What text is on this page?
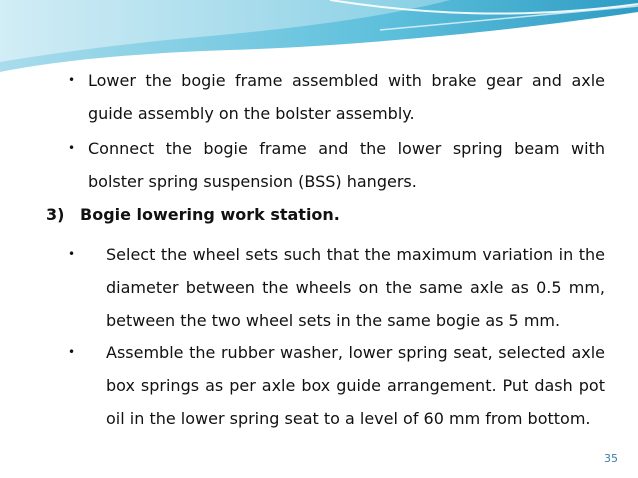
• Lower the bogie frame assembled with brake gear and axle guide assembly on the bolster assembly.

• Connect the bogie frame and the lower spring beam with bolster spring suspension (BSS) hangers.

3) Bogie lowering work station.
• Select the wheel sets such that the maximum variation in the diameter between the wheels on the same axle as 0.5 mm, between the two wheel sets in the same bogie as 5 mm.

• Assemble the rubber washer, lower spring seat, selected axle box springs as per axle box guide arrangement. Put dash pot oil in the lower spring seat to a level of 60 mm from bottom.

35
